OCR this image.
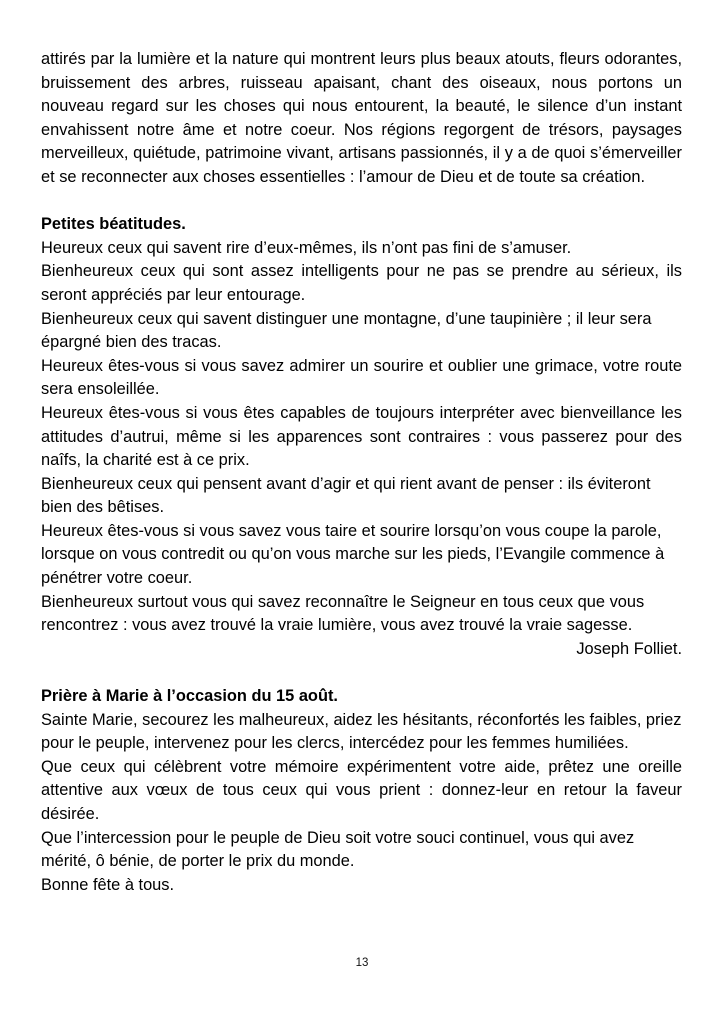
attirés par la lumière et la nature qui montrent leurs plus beaux atouts, fleurs odorantes, bruissement des arbres, ruisseau apaisant, chant des oiseaux, nous portons un nouveau regard sur les choses qui nous entourent, la beauté, le silence d’un instant envahissent notre âme et notre coeur. Nos régions regorgent de trésors, paysages merveilleux, quiétude, patrimoine vivant, artisans passionnés, il y a de quoi s’émerveiller et se reconnecter aux choses essentielles : l’amour de Dieu et de toute sa création.

Petites béatitudes.

Heureux ceux qui savent rire d’eux-mêmes, ils n’ont pas fini de s’amuser.

Bienheureux ceux qui sont assez intelligents pour ne pas se prendre au sérieux, ils seront appréciés par leur entourage.

Bienheureux ceux qui savent distinguer une montagne, d’une taupinière ; il leur sera épargné bien des tracas.

Heureux êtes-vous si vous savez admirer un sourire et oublier une grimace, votre route sera ensoleillée.

Heureux êtes-vous si vous êtes capables de toujours interpréter avec bienveillance les attitudes d’autrui, même si les apparences sont contraires : vous passerez pour des naîfs, la charité est à ce prix.

Bienheureux ceux qui pensent avant d’agir et qui rient avant de penser : ils éviteront bien des bêtises.

Heureux êtes-vous si vous savez vous taire et sourire lorsqu’on vous coupe la parole, lorsque on vous contredit ou qu’on vous marche sur les pieds, l’Evangile commence à pénétrer votre coeur.

Bienheureux surtout vous qui savez reconnaître le Seigneur en tous ceux que vous rencontrez : vous avez trouvé la vraie lumière, vous avez trouvé la vraie sagesse.

Joseph Folliet.

Prière à Marie à l’occasion du 15 août.

Sainte Marie, secourez les malheureux, aidez les hésitants, réconfortés les faibles, priez pour le peuple, intervenez pour les clercs, intercédez pour les femmes humiliées.

Que ceux qui célèbrent votre mémoire expérimentent votre aide, prêtez une oreille attentive aux vœux de tous ceux qui vous prient : donnez-leur en retour la faveur désirée.

Que l’intercession pour le peuple de Dieu soit votre souci continuel, vous qui avez mérité, ô bénie, de porter le prix du monde.

Bonne fête à tous.

13
